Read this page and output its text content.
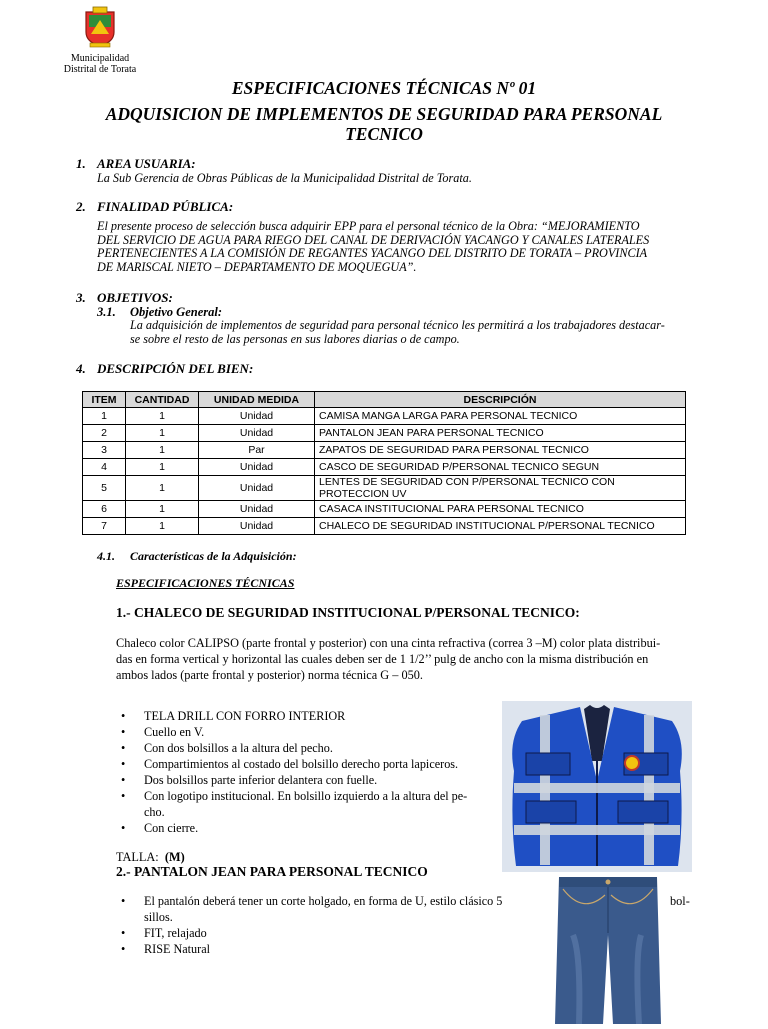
Municipalidad
Distrital de Torata
ESPECIFICACIONES TÉCNICAS Nº 01
ADQUISICION DE IMPLEMENTOS DE SEGURIDAD PARA PERSONAL
TECNICO
1. AREA USUARIA:
La Sub Gerencia de Obras Públicas de la Municipalidad Distrital de Torata.
2. FINALIDAD PÚBLICA:
El presente proceso de selección busca adquirir EPP para el personal técnico de la Obra: “MEJORAMIENTO
DEL SERVICIO DE AGUA PARA RIEGO DEL CANAL DE DERIVACIÓN YACANGO Y CANALES LATERALES
PERTENECIENTES A LA COMISIÓN DE REGANTES YACANGO DEL DISTRITO DE TORATA – PROVINCIA
DE MARISCAL NIETO – DEPARTAMENTO DE MOQUEGUA”.
3. OBJETIVOS:
3.1. Objetivo General:
La adquisición de implementos de seguridad para personal técnico les permitirá a los trabajadores destacar-
se sobre el resto de las personas en sus labores diarias o de campo.
4. DESCRIPCIÓN DEL BIEN:
ITEM	CANTIDAD	UNIDAD MEDIDA	DESCRIPCIÓN
1	1	Unidad	CAMISA MANGA LARGA PARA PERSONAL TECNICO
2	1	Unidad	PANTALON JEAN PARA PERSONAL TECNICO
3	1	Par	ZAPATOS DE SEGURIDAD PARA PERSONAL TECNICO
4	1	Unidad	CASCO DE SEGURIDAD P/PERSONAL TECNICO SEGUN
5	1	Unidad	LENTES DE SEGURIDAD CON P/PERSONAL TECNICO CON PROTECCION UV
6	1	Unidad	CASACA INSTITUCIONAL PARA PERSONAL TECNICO
7	1	Unidad	CHALECO DE SEGURIDAD INSTITUCIONAL P/PERSONAL TECNICO
4.1. Características de la Adquisición:
ESPECIFICACIONES TÉCNICAS
1.- CHALECO DE SEGURIDAD INSTITUCIONAL P/PERSONAL TECNICO:
Chaleco color CALIPSO (parte frontal y posterior) con una cinta refractiva (correa 3 –M) color plata distribui-
das en forma vertical y horizontal las cuales deben ser de 1 1/2’’ pulg de ancho con la misma distribución en
ambos lados (parte frontal y posterior) norma técnica G – 050.
• TELA DRILL CON FORRO INTERIOR
• Cuello en V.
• Con dos bolsillos a la altura del pecho.
• Compartimientos al costado del bolsillo derecho porta lapiceros.
• Dos bolsillos parte inferior delantera con fuelle.
• Con logotipo institucional. En bolsillo izquierdo a la altura del pe-
cho.
• Con cierre.
TALLA: (M)
2.- PANTALON JEAN PARA PERSONAL TECNICO
• El pantalón deberá tener un corte holgado, en forma de U, estilo clásico 5
sillos.
• FIT, relajado
• RISE Natural
bol-
